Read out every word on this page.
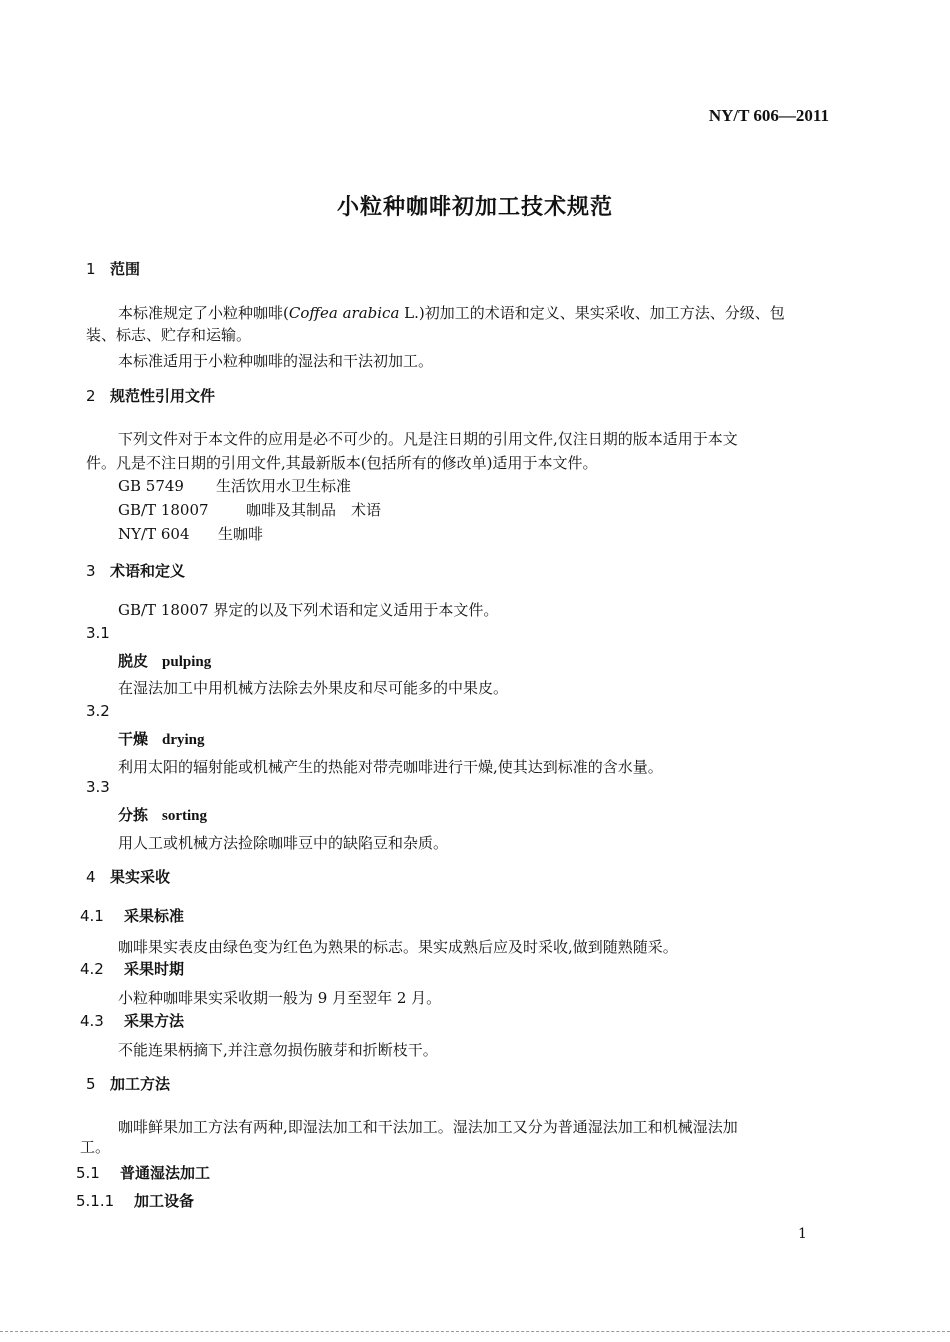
NY/T 606—2011
小粒种咖啡初加工技术规范
1 范围
本标准规定了小粒种咖啡(Coffea arabica L.)初加工的术语和定义、果实采收、加工方法、分级、包
装、标志、贮存和运输。
本标准适用于小粒种咖啡的湿法和干法初加工。
2 规范性引用文件
下列文件对于本文件的应用是必不可少的。凡是注日期的引用文件,仅注日期的版本适用于本文
件。凡是不注日期的引用文件,其最新版本(包括所有的修改单)适用于本文件。
GB 5749 生活饮用水卫生标准
GB/T 18007 咖啡及其制品　术语
NY/T 604 生咖啡
3 术语和定义
GB/T 18007 界定的以及下列术语和定义适用于本文件。
3.1
脱皮 pulping
在湿法加工中用机械方法除去外果皮和尽可能多的中果皮。
3.2
干燥 drying
利用太阳的辐射能或机械产生的热能对带壳咖啡进行干燥,使其达到标准的含水量。
3.3
分拣 sorting
用人工或机械方法捡除咖啡豆中的缺陷豆和杂质。
4 果实采收
4.1 采果标准
咖啡果实表皮由绿色变为红色为熟果的标志。果实成熟后应及时采收,做到随熟随采。
4.2 采果时期
小粒种咖啡果实采收期一般为 9 月至翌年 2 月。
4.3 采果方法
不能连果柄摘下,并注意勿损伤腋芽和折断枝干。
5 加工方法
咖啡鲜果加工方法有两种,即湿法加工和干法加工。湿法加工又分为普通湿法加工和机械湿法加
工。
5.1 普通湿法加工
5.1.1 加工设备
1
